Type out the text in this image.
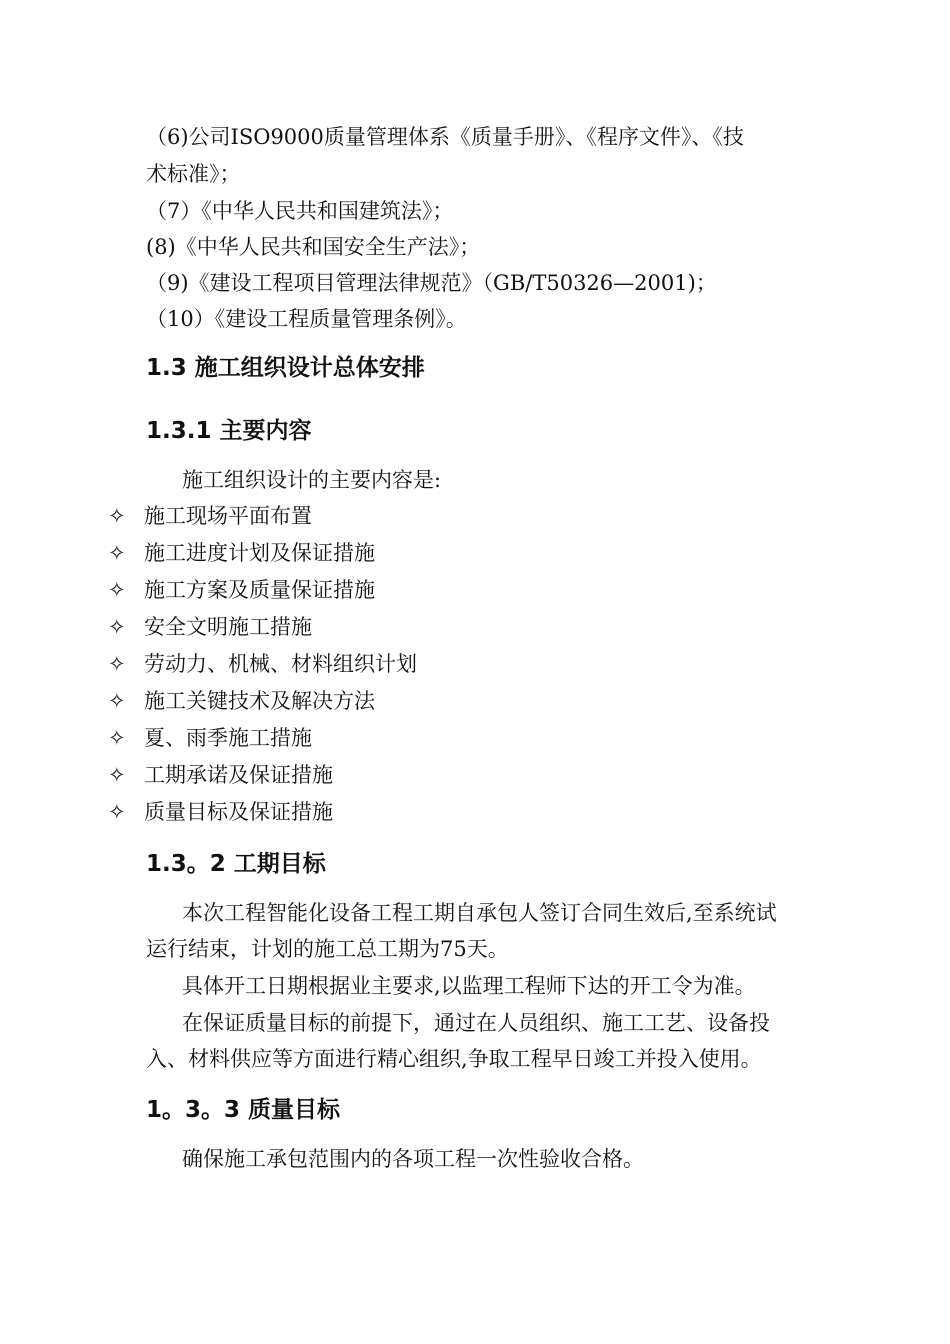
（6)公司ISO9000质量管理体系《质量手册》、《程序文件》、《技
术标准》；
（7）《中华人民共和国建筑法》；
(8)《中华人民共和国安全生产法》；
（9)《建设工程项目管理法律规范》（GB/T50326—2001)；
（10）《建设工程质量管理条例》。
1.3 施工组织设计总体安排
1.3.1 主要内容
施工组织设计的主要内容是:
✧ 施工现场平面布置
✧ 施工进度计划及保证措施
✧ 施工方案及质量保证措施
✧ 安全文明施工措施
✧ 劳动力、机械、材料组织计划
✧ 施工关键技术及解决方法
✧ 夏、雨季施工措施
✧ 工期承诺及保证措施
✧ 质量目标及保证措施
1.3。2 工期目标
本次工程智能化设备工程工期自承包人签订合同生效后,至系统试
运行结束，计划的施工总工期为75天。
具体开工日期根据业主要求,以监理工程师下达的开工令为准。
在保证质量目标的前提下，通过在人员组织、施工工艺、设备投
入、材料供应等方面进行精心组织,争取工程早日竣工并投入使用。
1。3。3 质量目标
确保施工承包范围内的各项工程一次性验收合格。
